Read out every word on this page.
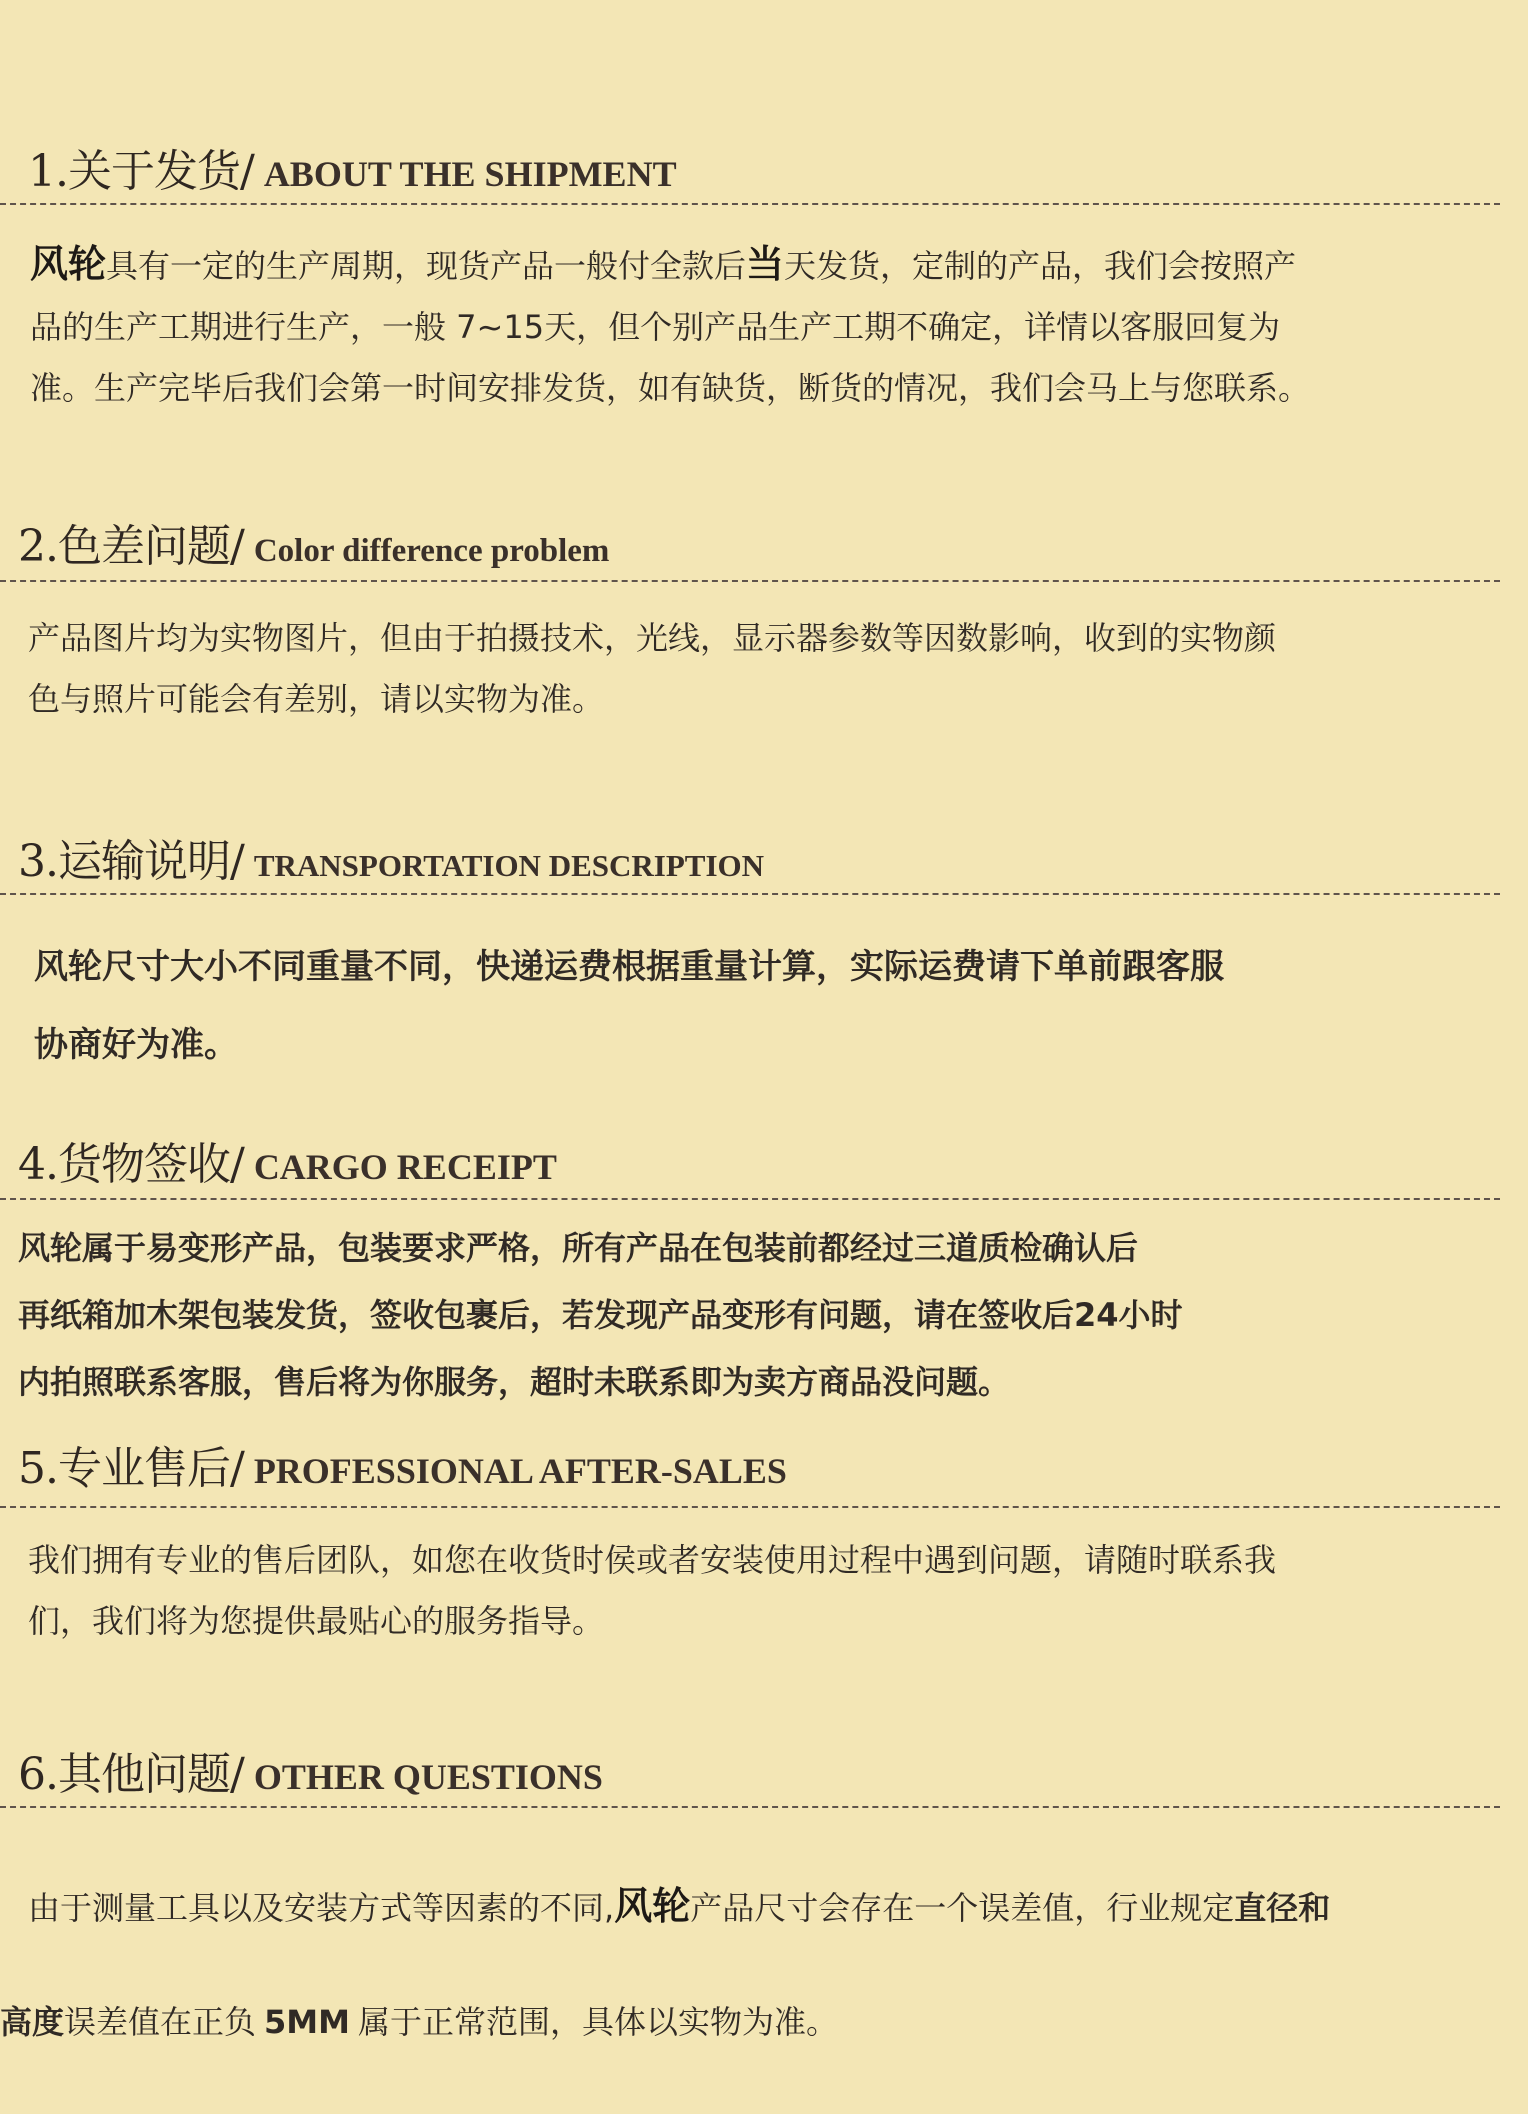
1.关于发货/ ABOUT THE SHIPMENT
风轮具有一定的生产周期，现货产品一般付全款后当天发货，定制的产品，我们会按照产
品的生产工期进行生产，一般 7~15天，但个别产品生产工期不确定，详情以客服回复为
准。生产完毕后我们会第一时间安排发货，如有缺货，断货的情况，我们会马上与您联系。
2.色差问题/ Color difference problem
产品图片均为实物图片，但由于拍摄技术，光线，显示器参数等因数影响，收到的实物颜
色与照片可能会有差别，请以实物为准。
3.运输说明/ TRANSPORTATION DESCRIPTION
风轮尺寸大小不同重量不同，快递运费根据重量计算，实际运费请下单前跟客服
协商好为准。
4.货物签收/ CARGO RECEIPT
风轮属于易变形产品，包装要求严格，所有产品在包装前都经过三道质检确认后
再纸箱加木架包装发货，签收包裹后，若发现产品变形有问题，请在签收后24小时
内拍照联系客服，售后将为你服务，超时未联系即为卖方商品没问题。
5.专业售后/ PROFESSIONAL AFTER-SALES
我们拥有专业的售后团队，如您在收货时侯或者安装使用过程中遇到问题，请随时联系我
们，我们将为您提供最贴心的服务指导。
6.其他问题/ OTHER QUESTIONS

由于测量工具以及安装方式等因素的不同,风轮产品尺寸会存在一个误差值，行业规定直径和

高度误差值在正负 5MM 属于正常范围，具体以实物为准。
